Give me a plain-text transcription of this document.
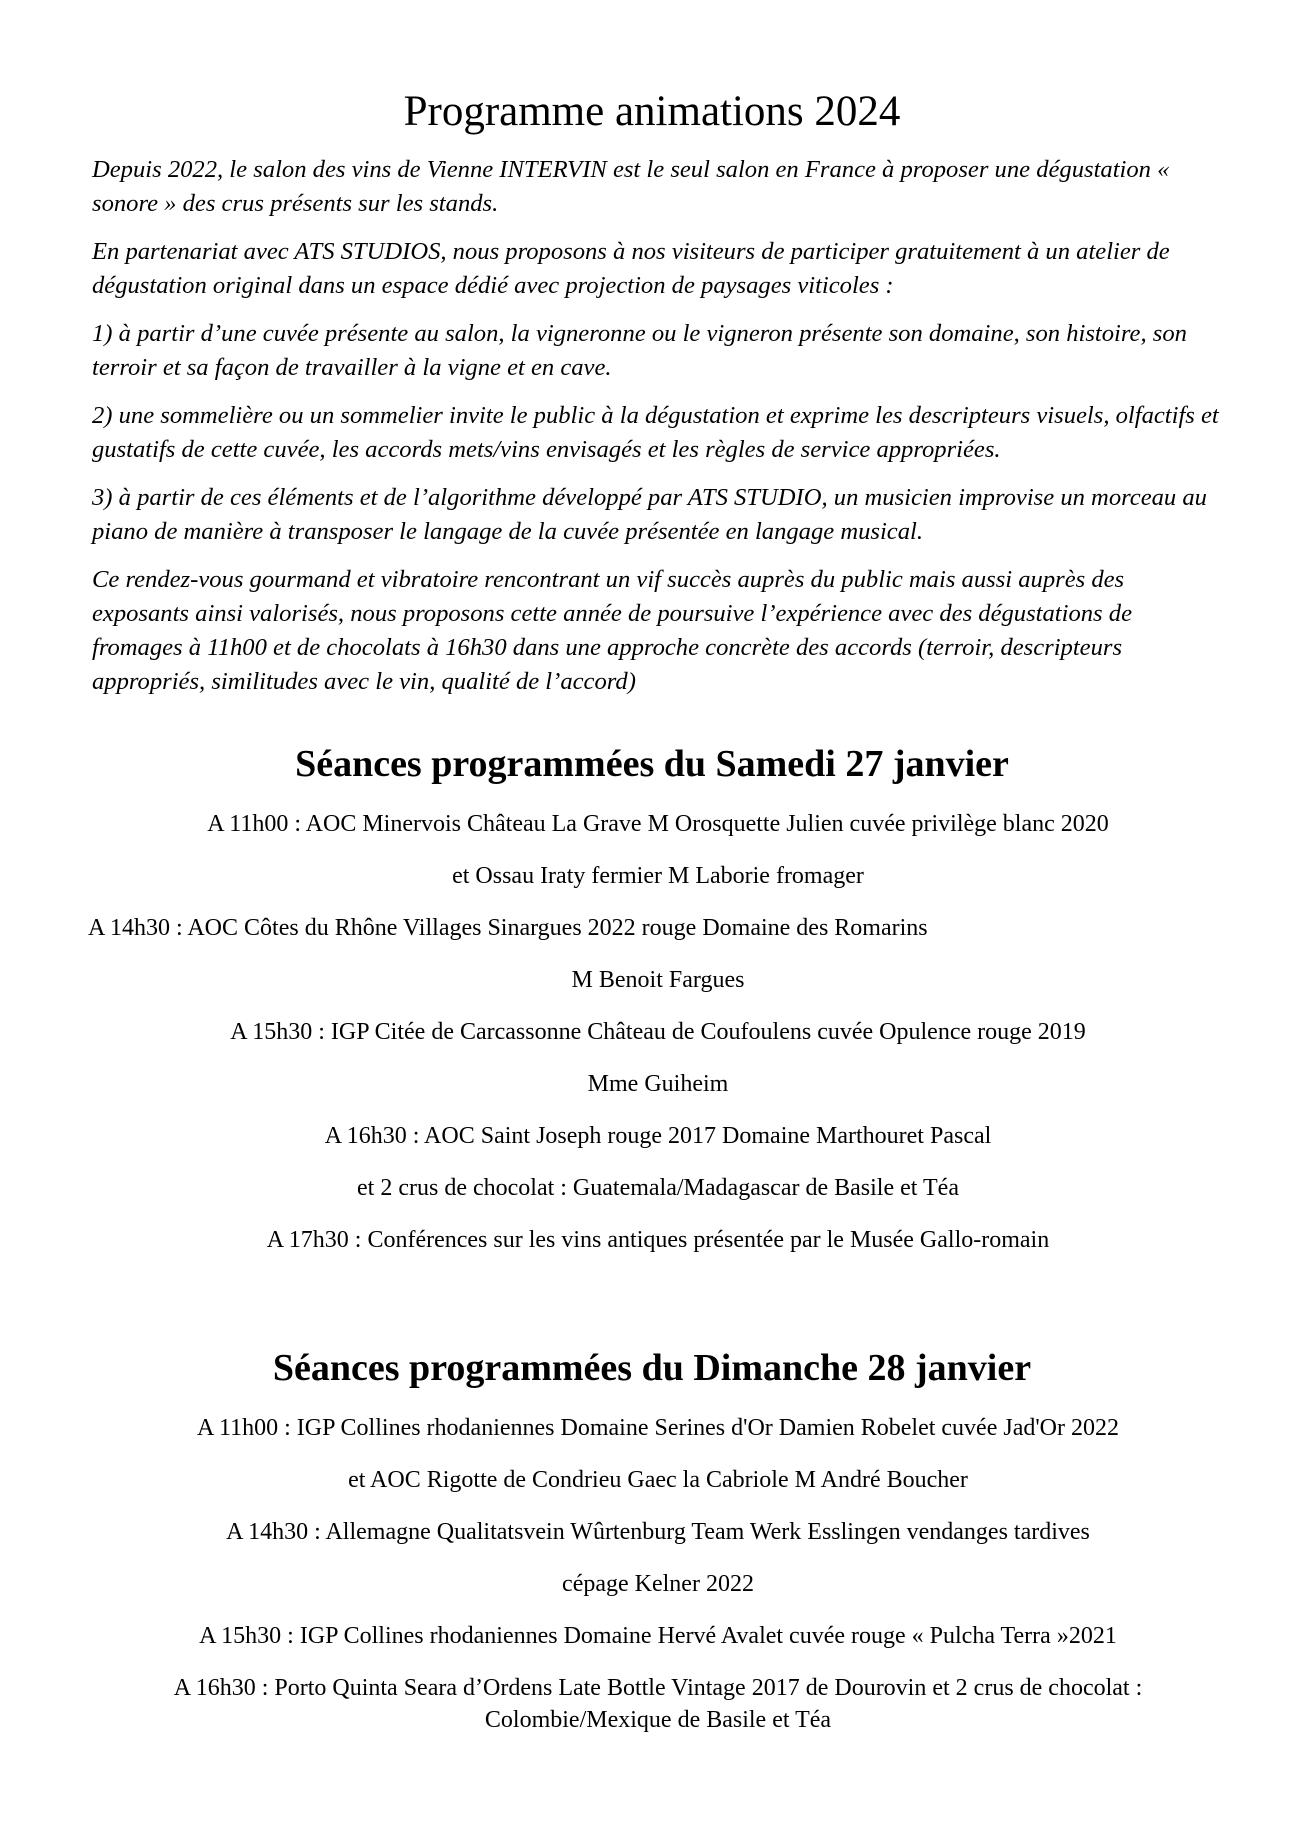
Programme animations 2024

Depuis 2022, le salon des vins de Vienne INTERVIN est le seul salon en France à proposer une dégustation « sonore » des crus présents sur les stands.

En partenariat avec ATS STUDIOS, nous proposons à nos visiteurs de participer gratuitement à un atelier de dégustation original dans un espace dédié avec projection de paysages viticoles :

1) à partir d’une cuvée présente au salon, la vigneronne ou le vigneron présente son domaine, son histoire, son terroir et sa façon de travailler à la vigne et en cave.

2) une sommelière ou un sommelier invite le public à la dégustation et exprime les descripteurs visuels, olfactifs et gustatifs de cette cuvée, les accords mets/vins envisagés et les règles de service appropriées.

3) à partir de ces éléments et de l’algorithme développé par ATS STUDIO, un musicien improvise un morceau au piano de manière à transposer le langage de la cuvée présentée en langage musical.

Ce rendez-vous gourmand et vibratoire rencontrant un vif succès auprès du public mais aussi auprès des exposants ainsi valorisés, nous proposons cette année de poursuive l’expérience avec des dégustations de fromages à 11h00 et de chocolats à 16h30 dans une approche concrète des accords (terroir, descripteurs appropriés, similitudes avec le vin, qualité de l’accord)

Séances programmées du Samedi 27 janvier
A 11h00 : AOC Minervois Château La Grave M Orosquette Julien cuvée privilège blanc 2020
et Ossau Iraty fermier M Laborie fromager
A 14h30 : AOC Côtes du Rhône Villages Sinargues 2022 rouge Domaine des Romarins
M Benoit Fargues
A 15h30 : IGP Citée de Carcassonne Château de Coufoulens cuvée Opulence rouge 2019
Mme Guiheim
A 16h30 : AOC Saint Joseph rouge 2017 Domaine Marthouret Pascal
et 2 crus de chocolat : Guatemala/Madagascar de Basile et Téa
A 17h30 : Conférences sur les vins antiques présentée par le Musée Gallo-romain
Séances programmées du Dimanche 28 janvier
A 11h00 : IGP Collines rhodaniennes Domaine Serines d'Or Damien Robelet cuvée Jad'Or 2022
et AOC Rigotte de Condrieu Gaec la Cabriole M André Boucher
A 14h30 : Allemagne Qualitatsvein Wûrtenburg Team Werk Esslingen vendanges tardives
cépage Kelner 2022
A 15h30 : IGP Collines rhodaniennes Domaine Hervé Avalet cuvée rouge « Pulcha Terra »2021
A 16h30 : Porto Quinta Seara d’Ordens Late Bottle Vintage 2017 de Dourovin et 2 crus de chocolat :
Colombie/Mexique de Basile et Téa
